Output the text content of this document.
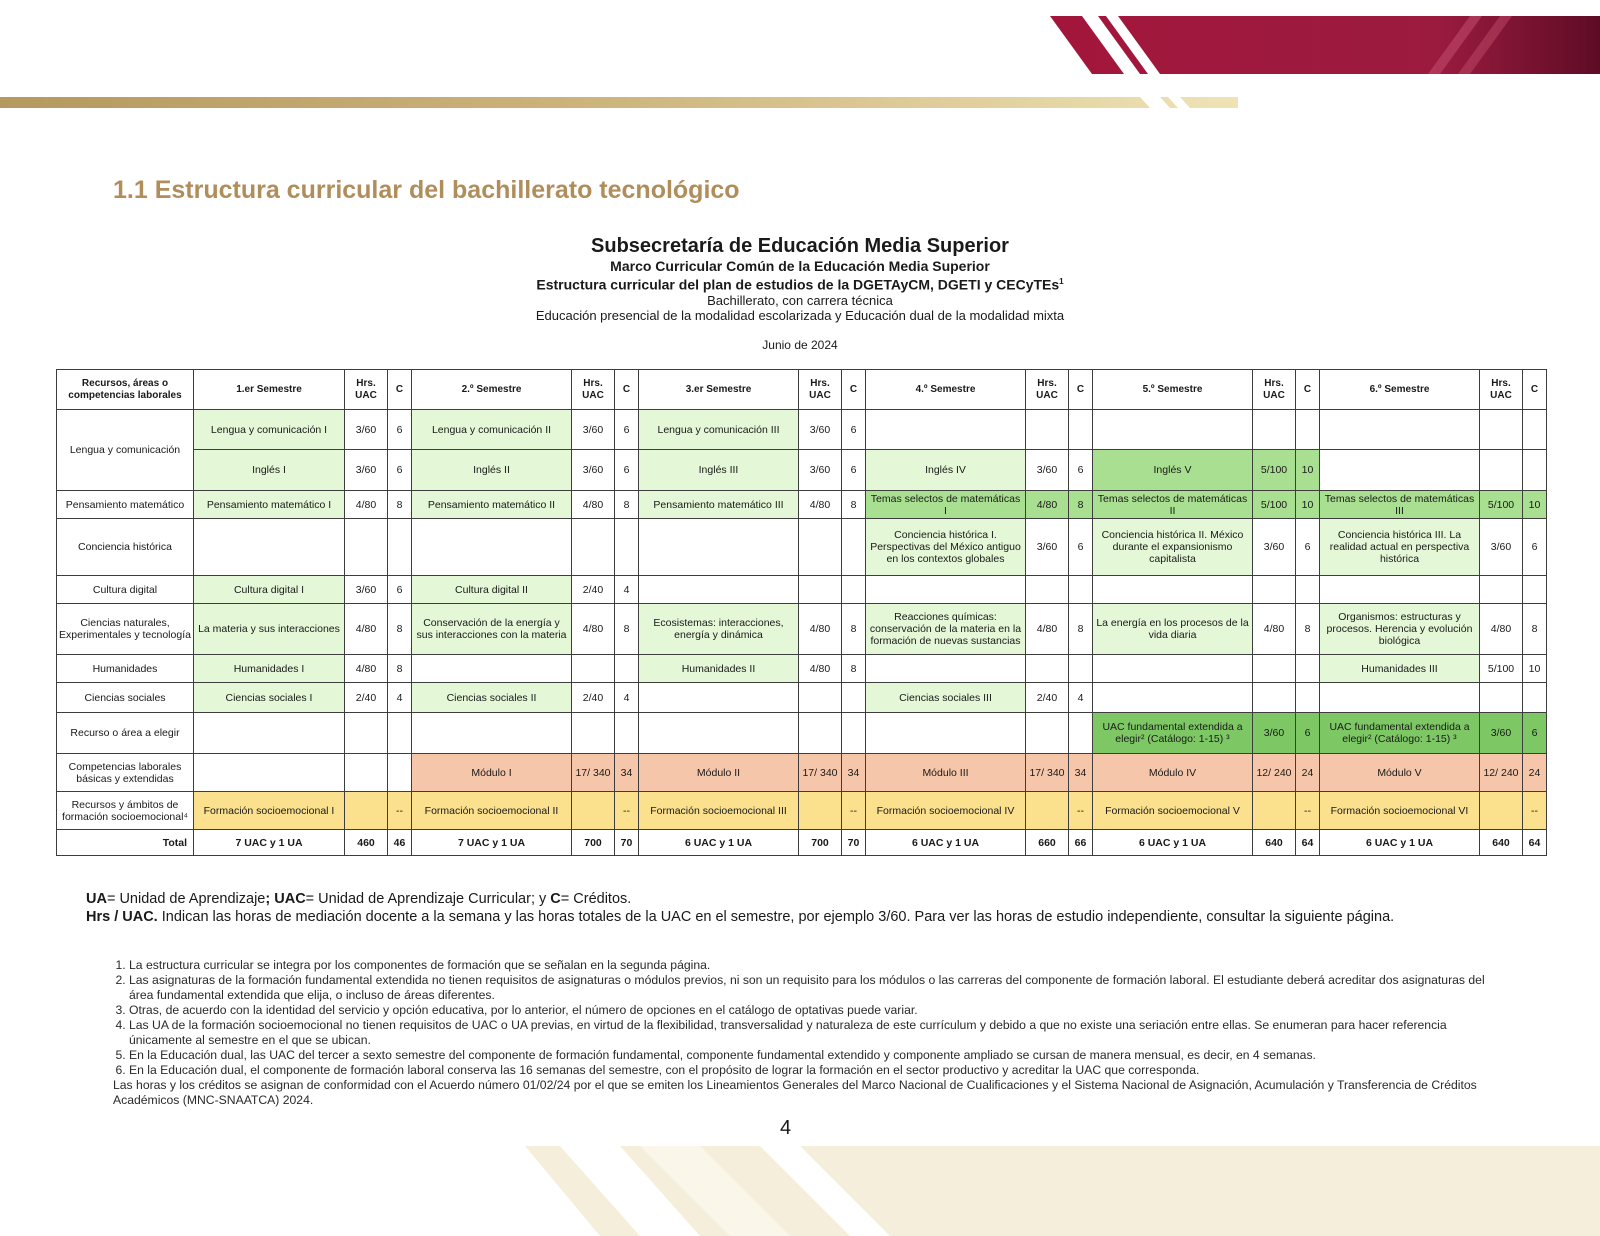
1.1 Estructura curricular del bachillerato tecnológico
Subsecretaría de Educación Media Superior
Marco Curricular Común de la Educación Media Superior
Estructura curricular del plan de estudios de la DGETAyCM, DGETI y CECyTEs$^1$
Bachillerato, con carrera técnica
Educación presencial de la modalidad escolarizada y Educación dual de la modalidad mixta
Junio de 2024
Recursos, áreas o competencias laborales	1.er Semestre	Hrs. UAC	C	2.º Semestre	Hrs. UAC	C	3.er Semestre	Hrs. UAC	C	4.º Semestre	Hrs. UAC	C	5.º Semestre	Hrs. UAC	C	6.º Semestre	Hrs. UAC	C
Lengua y comunicación	Lengua y comunicación I	3/60	6	Lengua y comunicación II	3/60	6	Lengua y comunicación III	3/60	6									
	Inglés I	3/60	6	Inglés II	3/60	6	Inglés III	3/60	6	Inglés IV	3/60	6	Inglés V	5/100	10			
Pensamiento matemático	Pensamiento matemático I	4/80	8	Pensamiento matemático II	4/80	8	Pensamiento matemático III	4/80	8	Temas selectos de matemáticas I	4/80	8	Temas selectos de matemáticas II	5/100	10	Temas selectos de matemáticas III	5/100	10
Conciencia histórica										Conciencia histórica I. Perspectivas del México antiguo en los contextos globales	3/60	6	Conciencia histórica II. México durante el expansionismo capitalista	3/60	6	Conciencia histórica III. La realidad actual en perspectiva histórica	3/60	6
Cultura digital	Cultura digital I	3/60	6	Cultura digital II	2/40	4												
Ciencias naturales, Experimentales y tecnología	La materia y sus interacciones	4/80	8	Conservación de la energía y sus interacciones con la materia	4/80	8	Ecosistemas: interacciones, energía y dinámica	4/80	8	Reacciones químicas: conservación de la materia en la formación de nuevas sustancias	4/80	8	La energía en los procesos de la vida diaria	4/80	8	Organismos: estructuras y procesos. Herencia y evolución biológica	4/80	8
Humanidades	Humanidades I	4/80	8				Humanidades II	4/80	8							Humanidades III	5/100	10
Ciencias sociales	Ciencias sociales I	2/40	4	Ciencias sociales II	2/40	4				Ciencias sociales III	2/40	4						
Recurso o área a elegir													UAC fundamental extendida a elegir² (Catálogo: 1-15) ³	3/60	6	UAC fundamental extendida a elegir² (Catálogo: 1-15) ³	3/60	6
Competencias laborales básicas y extendidas				Módulo I	17/ 340	34	Módulo II	17/ 340	34	Módulo III	17/ 340	34	Módulo IV	12/ 240	24	Módulo V	12/ 240	24
Recursos y ámbitos de formación socioemocional⁴	Formación socioemocional I		--	Formación socioemocional II		--	Formación socioemocional III		--	Formación socioemocional IV		--	Formación socioemocional V		--	Formación socioemocional VI		--
Total	7 UAC y 1 UA	460	46	7 UAC y 1 UA	700	70	6 UAC y 1 UA	700	70	6 UAC y 1 UA	660	66	6 UAC y 1 UA	640	64	6 UAC y 1 UA	640	64
UA= Unidad de Aprendizaje; UAC= Unidad de Aprendizaje Curricular; y C= Créditos.
Hrs / UAC. Indican las horas de mediación docente a la semana y las horas totales de la UAC en el semestre, por ejemplo 3/60. Para ver las horas de estudio independiente, consultar la siguiente página.
1. La estructura curricular se integra por los componentes de formación que se señalan en la segunda página.
2. Las asignaturas de la formación fundamental extendida no tienen requisitos de asignaturas o módulos previos, ni son un requisito para los módulos o las carreras del componente de formación laboral. El estudiante deberá acreditar dos asignaturas del área fundamental extendida que elija, o incluso de áreas diferentes.
3. Otras, de acuerdo con la identidad del servicio y opción educativa, por lo anterior, el número de opciones en el catálogo de optativas puede variar.
4. Las UA de la formación socioemocional no tienen requisitos de UAC o UA previas, en virtud de la flexibilidad, transversalidad y naturaleza de este currículum y debido a que no existe una seriación entre ellas. Se enumeran para hacer referencia únicamente al semestre en el que se ubican.
5. En la Educación dual, las UAC del tercer a sexto semestre del componente de formación fundamental, componente fundamental extendido y componente ampliado se cursan de manera mensual, es decir, en 4 semanas.
6. En la Educación dual, el componente de formación laboral conserva las 16 semanas del semestre, con el propósito de lograr la formación en el sector productivo y acreditar la UAC que corresponda.
Las horas y los créditos se asignan de conformidad con el Acuerdo número 01/02/24 por el que se emiten los Lineamientos Generales del Marco Nacional de Cualificaciones y el Sistema Nacional de Asignación, Acumulación y Transferencia de Créditos Académicos (MNC-SNAATCA) 2024.
4
